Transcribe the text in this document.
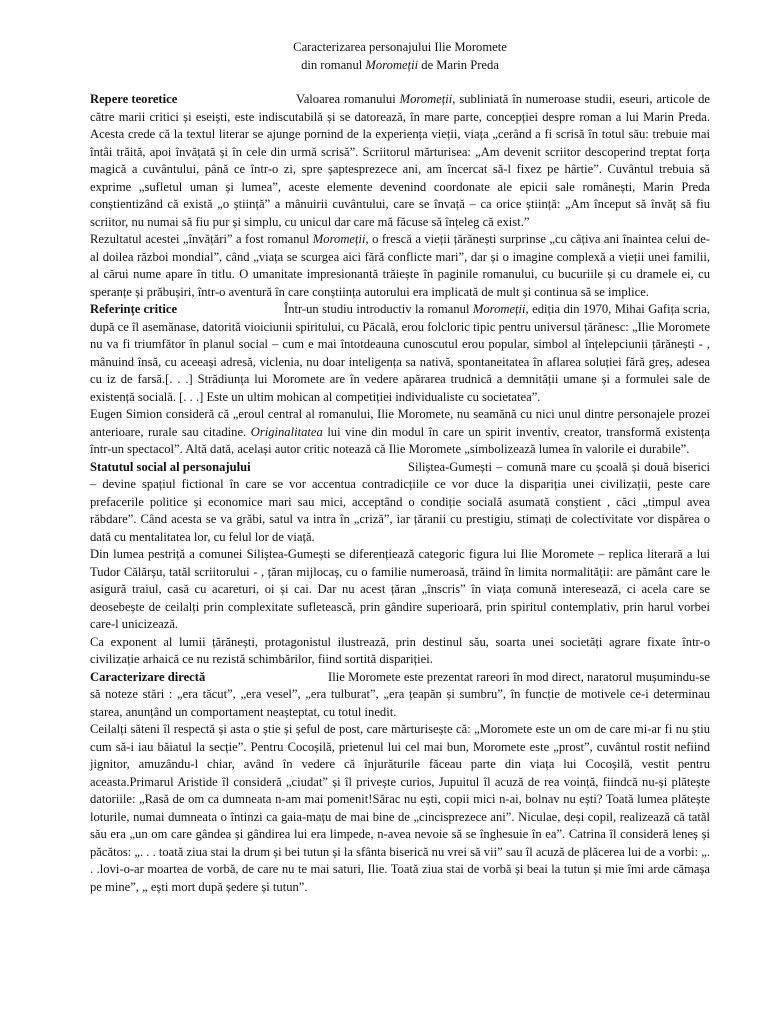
Caracterizarea personajului Ilie Moromete

din romanul Moromeții de Marin Preda

Repere teoretice	Valoarea romanului Moromeții, subliniată în numeroase studii, eseuri, articole de către marii critici și eseiști, este indiscutabilă și se datorează, în mare parte, concepției despre roman a lui Marin Preda. Acesta crede că la textul literar se ajunge pornind de la experiența vieții, viața „cerând a fi scrisă în totul său: trebuie mai întâi trăită, apoi învățată și în cele din urmă scrisă”. Scriitorul mărturisea: „Am devenit scriitor descoperind treptat forța magică a cuvântului, până ce într-o zi, spre șaptesprezece ani, am încercat să-l fixez pe hârtie”. Cuvântul trebuia să exprime „sufletul uman și lumea”, aceste elemente devenind coordonate ale epicii sale românești, Marin Preda conștientizând că există „o știință” a mânuirii cuvântului, care se învață – ca orice știință: „Am început să învăț să fiu scriitor, nu numai să fiu pur și simplu, cu unicul dar care mă făcuse să înțeleg că exist.”

Rezultatul acestei „învățări” a fost romanul Moromeții, o frescă a vieții țărănești surprinse „cu câțiva ani înaintea celui de-al doilea război mondial”, când „viața se scurgea aici fără conflicte mari”, dar și o imagine complexă a vieții unei familii, al cărui nume apare în titlu. O umanitate impresionantă trăiește în paginile romanului, cu bucuriile și cu dramele ei, cu speranțe și prăbușiri, într-o aventură în care conștiința autorului era implicată de mult și continua să se implice.

Referințe critice	Într-un studiu introductiv la romanul Moromeții, ediția din 1970, Mihai Gafița scria, după ce îl asemănase, datorită vioiciunii spiritului, cu Păcală, erou folcloric tipic pentru universul țărănesc: „Ilie Moromete nu va fi triumfător în planul social – cum e mai întotdeauna cunoscutul erou popular, simbol al înțelepciunii țărănești - , mânuind însă, cu aceeași adresă, viclenia, nu doar inteligența sa nativă, spontaneitatea în aflarea soluției fără greș, adesea cu iz de farsă.[. . .] Strădiunța lui Moromete are în vedere apărarea trudnică a demnității umane și a formulei sale de existență socială. [. . .] Este un ultim mohican al competiției individualiste cu societatea”.

Eugen Simion consideră că „eroul central al romanului, Ilie Moromete, nu seamănă cu nici unul dintre personajele prozei anterioare, rurale sau citadine. Originalitatea lui vine din modul în care un spirit inventiv, creator, transformă existența într-un spectacol”. Altă dată, același autor critic notează că Ilie Moromete „simbolizează lumea în valorile ei durabile”.

Statutul social al personajului	Siliștea-Gumești – comună mare cu școală și două biserici – devine spațiul fictional în care se vor accentua contradicțiile ce vor duce la dispariția unei civilizații, peste care prefacerile politice și economice mari sau mici, acceptând o condiție socială asumată conștient , căci „timpul avea răbdare”. Când acesta se va grăbi, satul va intra în „criză”, iar țăranii cu prestigiu, stimați de colectivitate vor dispărea o dată cu mentalitatea lor, cu felul lor de viață.

Din lumea pestriță a comunei Siliștea-Gumești se diferențiează categoric figura lui Ilie Moromete – replica literară a lui Tudor Călărșu, tatăl scriitorului - , țăran mijlocaș, cu o familie numeroasă, trăind în limita normalității: are pământ care le asigură traiul, casă cu acareturi, oi și cai. Dar nu acest țăran „înscris” în viața comună interesează, ci acela care se deosebește de ceilalți prin complexitate sufletească, prin gândire superioară, prin spiritul contemplativ, prin harul vorbei care-l unicizează.

Ca exponent al lumii țărănești, protagonistul ilustrează, prin destinul său, soarta unei societăți agrare fixate într-o civilizație arhaică ce nu rezistă schimbărilor, fiind sortită dispariției.

Caracterizare directă	Ilie Moromete este prezentat rareori în mod direct, naratorul mușumindu-se să noteze stări : „era tăcut”, „era vesel”, „era tulburat”, „era țeapăn și sumbru”, în funcție de motivele ce-i determinau starea, anunțând un comportament neașteptat, cu totul inedit.

Ceilalți săteni îl respectă și asta o știe și șeful de post, care mărturisește că: „Moromete este un om de care mi-ar fi nu știu cum să-i iau băiatul la secție”. Pentru Cocoșilă, prietenul lui cel mai bun, Moromete este „prost”, cuvântul rostit nefiind jignitor, amuzându-l chiar, având în vedere că înjurăturile făceau parte din viața lui Cocoșilă, vestit pentru aceasta.Primarul Aristide îl consideră „ciudat” și îl privește curios, Jupuitul îl acuză de rea voință, fiindcă nu-și plătește datoriile: „Rasă de om ca dumneata n-am mai pomenit!Sărac nu ești, copii mici n-ai, bolnav nu ești? Toată lumea plătește loturile, numai dumneata o întinzi ca gaia-mațu de mai bine de „cincisprezece ani”. Niculae, deși copil, realizează că tatăl său era „un om care gândea și gândirea lui era limpede, n-avea nevoie să se înghesuie în ea”. Catrina îl consideră leneș și păcătos: „. . . toată ziua stai la drum și bei tutun și la sfânta biserică nu vrei să vii” sau îl acuză de plăcerea lui de a vorbi: „. . .lovi-o-ar moartea de vorbă, de care nu te mai saturi, Ilie. Toată ziua stai de vorbă și beai la tutun și mie îmi arde cămașa pe mine”, „ ești mort după ședere și tutun”.
